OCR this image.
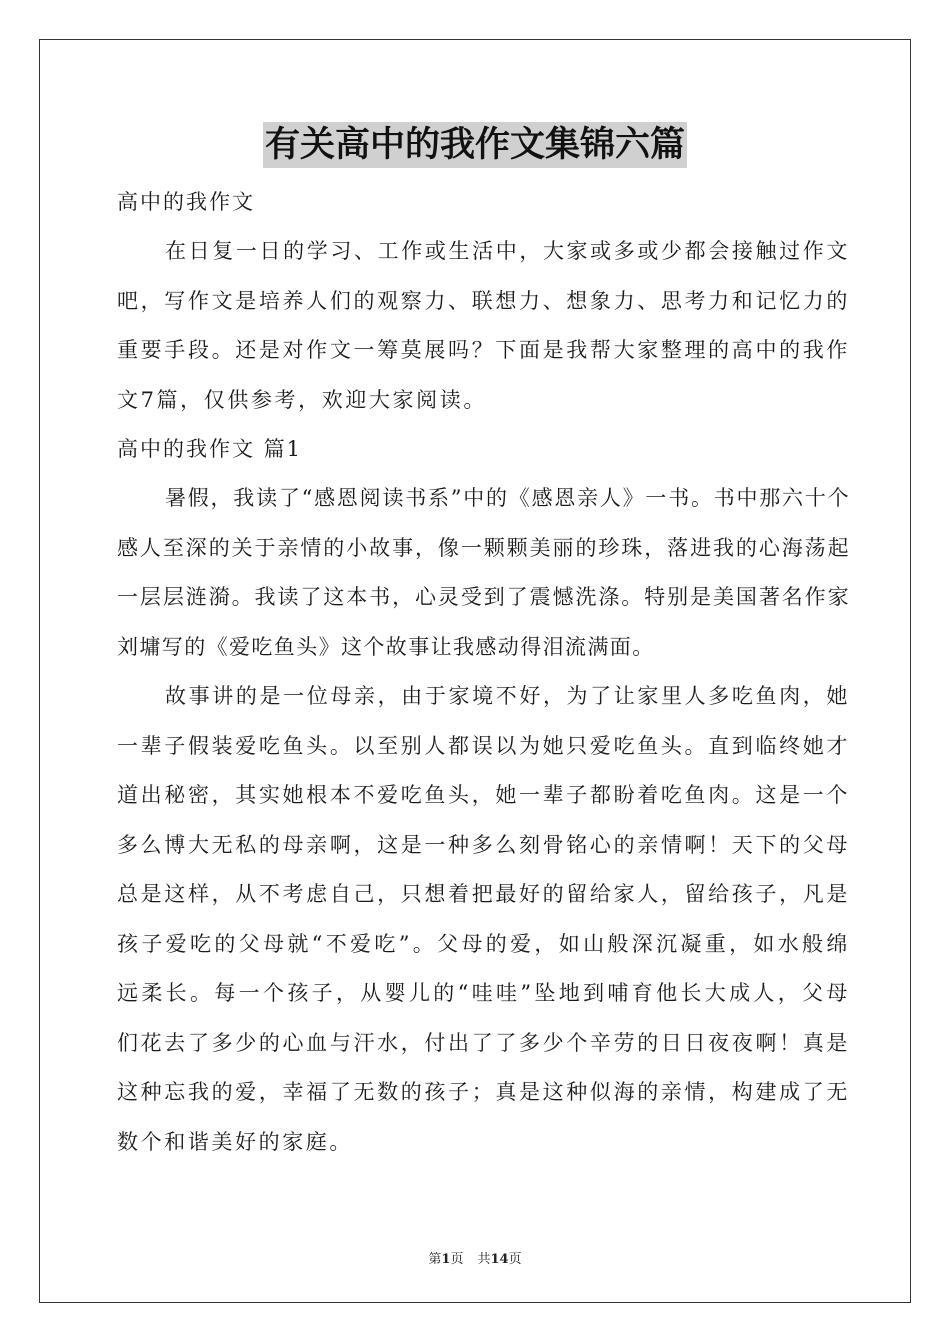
有关高中的我作文集锦六篇

高中的我作文

在日复一日的学习、工作或生活中，大家或多或少都会接触过作文吧，写作文是培养人们的观察力、联想力、想象力、思考力和记忆力的重要手段。还是对作文一筹莫展吗？下面是我帮大家整理的高中的我作文7篇，仅供参考，欢迎大家阅读。

高中的我作文 篇1

暑假，我读了“感恩阅读书系”中的《感恩亲人》一书。书中那六十个感人至深的关于亲情的小故事，像一颗颗美丽的珍珠，落进我的心海荡起一层层涟漪。我读了这本书，心灵受到了震憾洗涤。特别是美国著名作家刘墉写的《爱吃鱼头》这个故事让我感动得泪流满面。

故事讲的是一位母亲，由于家境不好，为了让家里人多吃鱼肉，她一辈子假装爱吃鱼头。以至别人都误以为她只爱吃鱼头。直到临终她才道出秘密，其实她根本不爱吃鱼头，她一辈子都盼着吃鱼肉。这是一个多么博大无私的母亲啊，这是一种多么刻骨铭心的亲情啊！天下的父母总是这样，从不考虑自己，只想着把最好的留给家人，留给孩子，凡是孩子爱吃的父母就“不爱吃”。父母的爱，如山般深沉凝重，如水般绵远柔长。每一个孩子，从婴儿的“哇哇”坠地到哺育他长大成人，父母们花去了多少的心血与汗水，付出了了多少个辛劳的日日夜夜啊！真是这种忘我的爱，幸福了无数的孩子；真是这种似海的亲情，构建成了无数个和谐美好的家庭。

第1页 共14页
